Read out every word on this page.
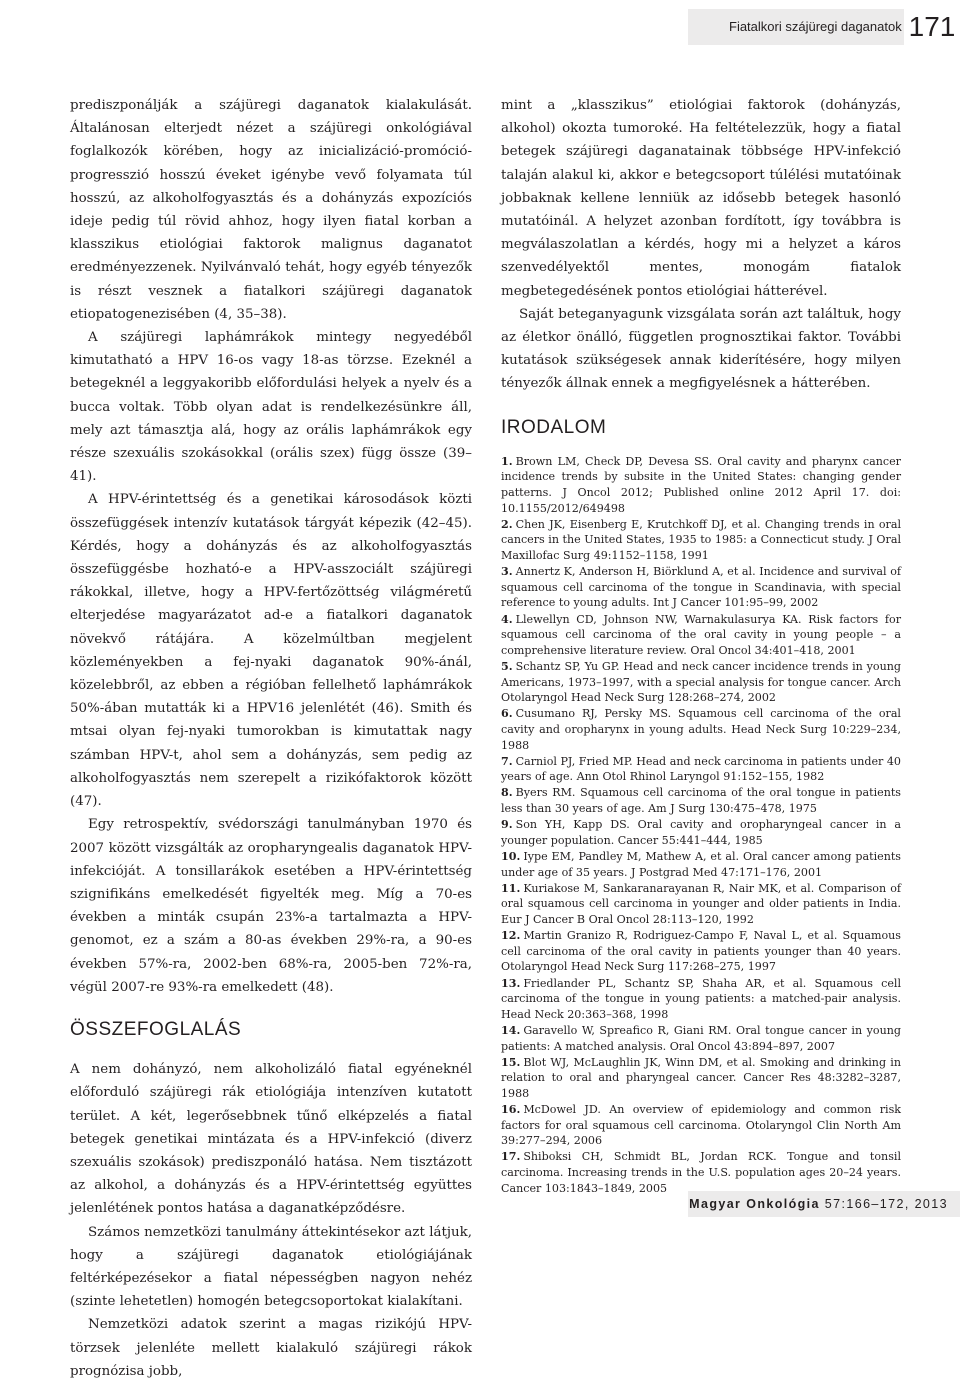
Fiatalkori szájüregi daganatok 171

prediszponálják a szájüregi daganatok kialakulását. Általánosan elterjedt nézet a szájüregi onkológiával foglalkozók körében, hogy az inicializáció-promóció-progresszió hosszú éveket igénybe vevő folyamata túl hosszú, az alkoholfogyasztás és a dohányzás expozíciós ideje pedig túl rövid ahhoz, hogy ilyen fiatal korban a klasszikus etiológiai faktorok malignus daganatot eredményezzenek. Nyilvánvaló tehát, hogy egyéb tényezők is részt vesznek a fiatalkori szájüregi daganatok etiopatogenezisében (4, 35–38).

A szájüregi laphámrákok mintegy negyedéből kimutatható a HPV 16-os vagy 18-as törzse. Ezeknél a betegeknél a leggyakoribb előfordulási helyek a nyelv és a bucca voltak. Több olyan adat is rendelkezésünkre áll, mely azt támasztja alá, hogy az orális laphámrákok egy része szexuális szokásokkal (orális szex) függ össze (39–41).

A HPV-érintettség és a genetikai károsodások közti összefüggések intenzív kutatások tárgyát képezik (42–45). Kérdés, hogy a dohányzás és az alkoholfogyasztás összefüggésbe hozható-e a HPV-asszociált szájüregi rákokkal, illetve, hogy a HPV-fertőzöttség világméretű elterjedése magyarázatot ad-e a fiatalkori daganatok növekvő rátájára. A közelmúltban megjelent közleményekben a fej-nyaki daganatok 90%-ánál, közelebbről, az ebben a régióban fellelhető laphámrákok 50%-ában mutatták ki a HPV16 jelenlétét (46). Smith és mtsai olyan fej-nyaki tumorokban is kimutattak nagy számban HPV-t, ahol sem a dohányzás, sem pedig az alkoholfogyasztás nem szerepelt a rizikófaktorok között (47).

Egy retrospektív, svédországi tanulmányban 1970 és 2007 között vizsgálták az oropharyngealis daganatok HPV-infekcióját. A tonsillarákok esetében a HPV-érintettség szignifikáns emelkedését figyelték meg. Míg a 70-es években a minták csupán 23%-a tartalmazta a HPV-genomot, ez a szám a 80-as években 29%-ra, a 90-es években 57%-ra, 2002-ben 68%-ra, 2005-ben 72%-ra, végül 2007-re 93%-ra emelkedett (48).

ÖSSZEFOGLALÁS

A nem dohányzó, nem alkoholizáló fiatal egyéneknél előforduló szájüregi rák etiológiája intenzíven kutatott terület. A két, legerősebbnek tűnő elképzelés a fiatal betegek genetikai mintázata és a HPV-infekció (diverz szexuális szokások) prediszponáló hatása. Nem tisztázott az alkohol, a dohányzás és a HPV-érintettség együttes jelenlétének pontos hatása a daganatképződésre.

Számos nemzetközi tanulmány áttekintésekor azt látjuk, hogy a szájüregi daganatok etiológiájának feltérképezésekor a fiatal népességben nagyon nehéz (szinte lehetetlen) homogén betegcsoportokat kialakítani.

Nemzetközi adatok szerint a magas rizikójú HPV-törzsek jelenléte mellett kialakuló szájüregi rákok prognózisa jobb,

mint a „klasszikus” etiológiai faktorok (dohányzás, alkohol) okozta tumoroké. Ha feltételezzük, hogy a fiatal betegek szájüregi daganatainak többsége HPV-infekció talaján alakul ki, akkor e betegcsoport túlélési mutatóinak jobbaknak kellene lenniük az idősebb betegek hasonló mutatóinál. A helyzet azonban fordított, így továbbra is megválaszolatlan a kérdés, hogy mi a helyzet a káros szenvedélyektől mentes, monogám fiatalok megbetegedésének pontos etiológiai hátterével.

Saját beteganyagunk vizsgálata során azt találtuk, hogy az életkor önálló, független prognosztikai faktor. További kutatások szükségesek annak kiderítésére, hogy milyen tényezők állnak ennek a megfigyelésnek a hátterében.

IRODALOM

1. Brown LM, Check DP, Devesa SS. Oral cavity and pharynx cancer incidence trends by subsite in the United States: changing gender patterns. J Oncol 2012; Published online 2012 April 17. doi: 10.1155/2012/649498

2. Chen JK, Eisenberg E, Krutchkoff DJ, et al. Changing trends in oral cancers in the United States, 1935 to 1985: a Connecticut study. J Oral Maxillofac Surg 49:1152–1158, 1991

3. Annertz K, Anderson H, Biörklund A, et al. Incidence and survival of squamous cell carcinoma of the tongue in Scandinavia, with special reference to young adults. Int J Cancer 101:95–99, 2002

4. Llewellyn CD, Johnson NW, Warnakulasurya KA. Risk factors for squamous cell carcinoma of the oral cavity in young people – a comprehensive literature review. Oral Oncol 34:401–418, 2001

5. Schantz SP, Yu GP. Head and neck cancer incidence trends in young Americans, 1973–1997, with a special analysis for tongue cancer. Arch Otolaryngol Head Neck Surg 128:268–274, 2002

6. Cusumano RJ, Persky MS. Squamous cell carcinoma of the oral cavity and oropharynx in young adults. Head Neck Surg 10:229–234, 1988

7. Carniol PJ, Fried MP. Head and neck carcinoma in patients under 40 years of age. Ann Otol Rhinol Laryngol 91:152–155, 1982

8. Byers RM. Squamous cell carcinoma of the oral tongue in patients less than 30 years of age. Am J Surg 130:475–478, 1975

9. Son YH, Kapp DS. Oral cavity and oropharyngeal cancer in a younger population. Cancer 55:441–444, 1985

10. Iype EM, Pandley M, Mathew A, et al. Oral cancer among patients under age of 35 years. J Postgrad Med 47:171–176, 2001

11. Kuriakose M, Sankaranarayanan R, Nair MK, et al. Comparison of oral squamous cell carcinoma in younger and older patients in India. Eur J Cancer B Oral Oncol 28:113–120, 1992

12. Martin Granizo R, Rodriguez-Campo F, Naval L, et al. Squamous cell carcinoma of the oral cavity in patients younger than 40 years. Otolaryngol Head Neck Surg 117:268–275, 1997

13. Friedlander PL, Schantz SP, Shaha AR, et al. Squamous cell carcinoma of the tongue in young patients: a matched-pair analysis. Head Neck 20:363–368, 1998

14. Garavello W, Spreafico R, Giani RM. Oral tongue cancer in young patients: A matched analysis. Oral Oncol 43:894–897, 2007

15. Blot WJ, McLaughlin JK, Winn DM, et al. Smoking and drinking in relation to oral and pharyngeal cancer. Cancer Res 48:3282–3287, 1988

16. McDowel JD. An overview of epidemiology and common risk factors for oral squamous cell carcinoma. Otolaryngol Clin North Am 39:277–294, 2006

17. Shiboksi CH, Schmidt BL, Jordan RCK. Tongue and tonsil carcinoma. Increasing trends in the U.S. population ages 20–24 years. Cancer 103:1843–1849, 2005

Magyar Onkológia 57:166–172, 2013
